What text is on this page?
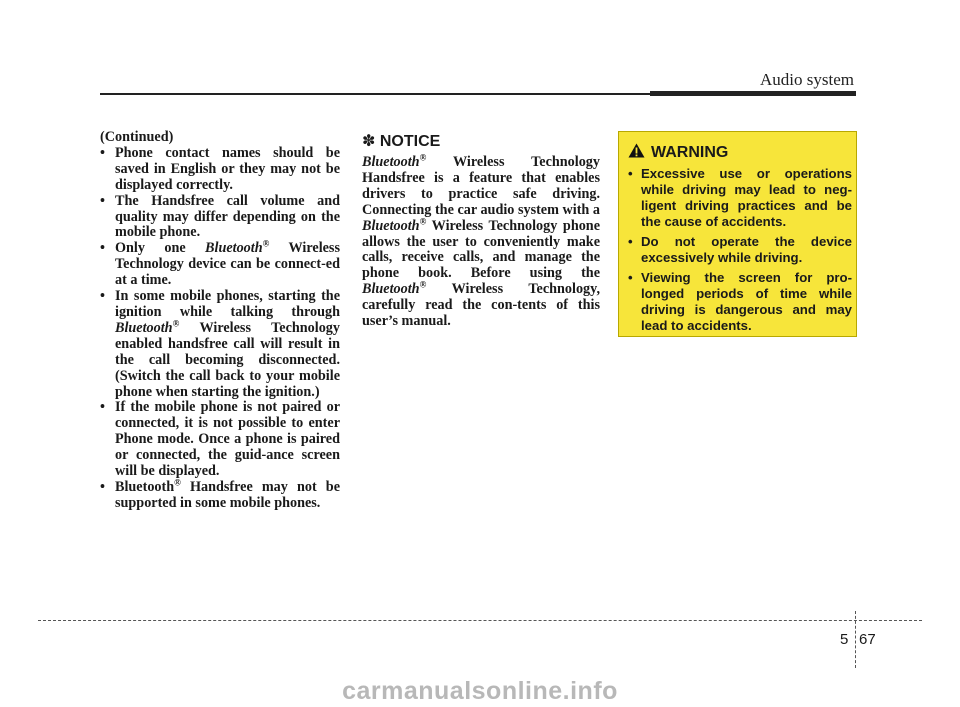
Audio system

(Continued)

• Phone contact names should be saved in English or they may not be displayed correctly.
• The Handsfree call volume and quality may differ depending on the mobile phone.
• Only one Bluetooth® Wireless Technology device can be connect-ed at a time.
• In some mobile phones, starting the ignition while talking through Bluetooth® Wireless Technology enabled handsfree call will result in the call becoming disconnected. (Switch the call back to your mobile phone when starting the ignition.)
• If the mobile phone is not paired or connected, it is not possible to enter Phone mode. Once a phone is paired or connected, the guid-ance screen will be displayed.
• Bluetooth® Handsfree may not be supported in some mobile phones.

✽ NOTICE

Bluetooth® Wireless Technology Handsfree is a feature that enables drivers to practice safe driving. Connecting the car audio system with a Bluetooth® Wireless Technology phone allows the user to conveniently make calls, receive calls, and manage the phone book. Before using the Bluetooth® Wireless Technology, carefully read the con-tents of this user’s manual.

WARNING
• Excessive use or operations while driving may lead to neg-ligent driving practices and be the cause of accidents.
• Do not operate the device excessively while driving.
• Viewing the screen for pro-longed periods of time while driving is dangerous and may lead to accidents.
5 67
carmanualsonline.info
